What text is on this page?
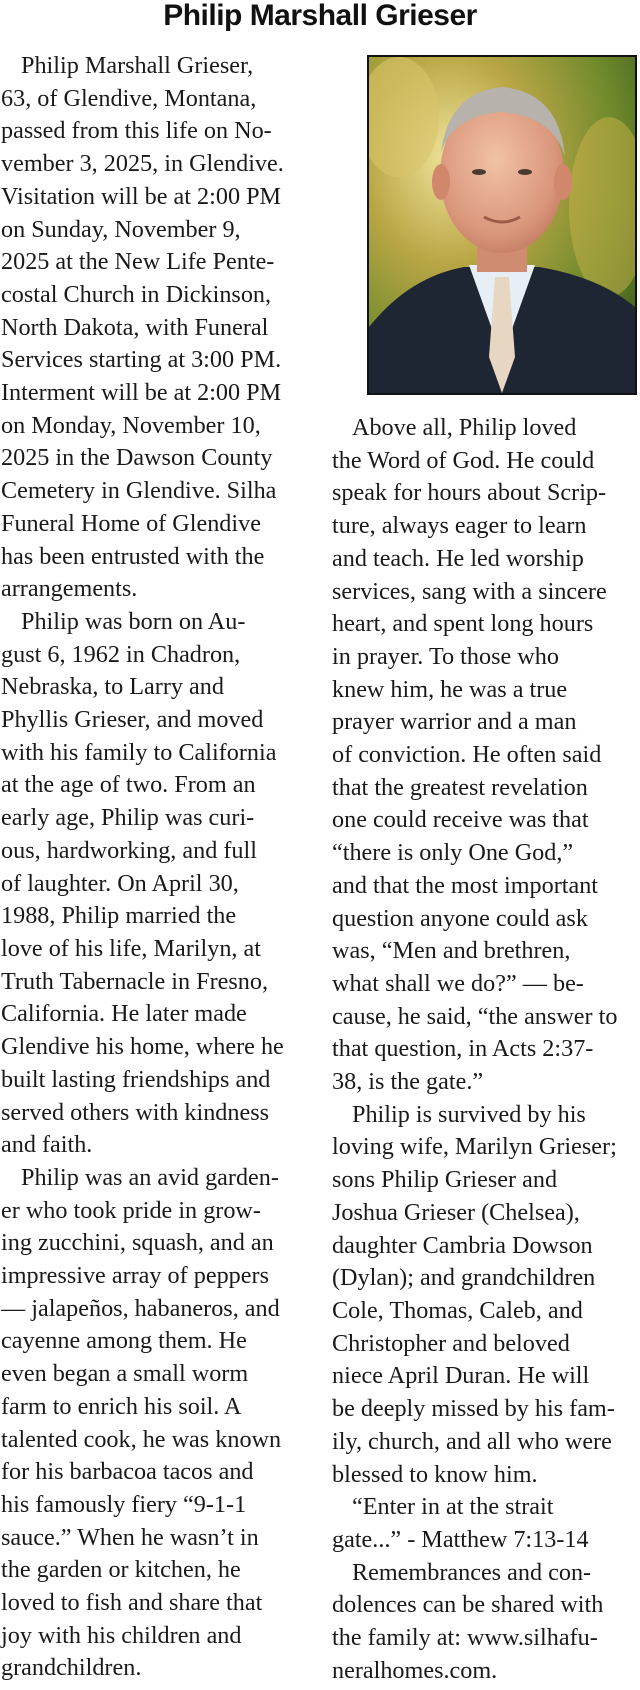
Philip Marshall Grieser
Philip Marshall Grieser,
63, of Glendive, Montana,
passed from this life on No-
vember 3, 2025, in Glendive.
Visitation will be at 2:00 PM
on Sunday, November 9,
2025 at the New Life Pente-
costal Church in Dickinson,
North Dakota, with Funeral
Services starting at 3:00 PM.
Interment will be at 2:00 PM
on Monday, November 10,
2025 in the Dawson County
Cemetery in Glendive. Silha
Funeral Home of Glendive
has been entrusted with the
arrangements.
Philip was born on Au-
gust 6, 1962 in Chadron,
Nebraska, to Larry and
Phyllis Grieser, and moved
with his family to California
at the age of two. From an
early age, Philip was curi-
ous, hardworking, and full
of laughter. On April 30,
1988, Philip married the
love of his life, Marilyn, at
Truth Tabernacle in Fresno,
California. He later made
Glendive his home, where he
built lasting friendships and
served others with kindness
and faith.
Philip was an avid garden-
er who took pride in grow-
ing zucchini, squash, and an
impressive array of peppers
— jalapeños, habaneros, and
cayenne among them. He
even began a small worm
farm to enrich his soil. A
talented cook, he was known
for his barbacoa tacos and
his famously fiery “9-1-1
sauce.” When he wasn’t in
the garden or kitchen, he
loved to fish and share that
joy with his children and
grandchildren.
Above all, Philip loved
the Word of God. He could
speak for hours about Scrip-
ture, always eager to learn
and teach. He led worship
services, sang with a sincere
heart, and spent long hours
in prayer. To those who
knew him, he was a true
prayer warrior and a man
of conviction. He often said
that the greatest revelation
one could receive was that
“there is only One God,”
and that the most important
question anyone could ask
was, “Men and brethren,
what shall we do?” — be-
cause, he said, “the answer to
that question, in Acts 2:37-
38, is the gate.”
Philip is survived by his
loving wife, Marilyn Grieser;
sons Philip Grieser and
Joshua Grieser (Chelsea),
daughter Cambria Dowson
(Dylan); and grandchildren
Cole, Thomas, Caleb, and
Christopher and beloved
niece April Duran. He will
be deeply missed by his fam-
ily, church, and all who were
blessed to know him.
“Enter in at the strait
gate...” - Matthew 7:13-14
Remembrances and con-
dolences can be shared with
the family at: www.silhafu-
neralhomes.com.
